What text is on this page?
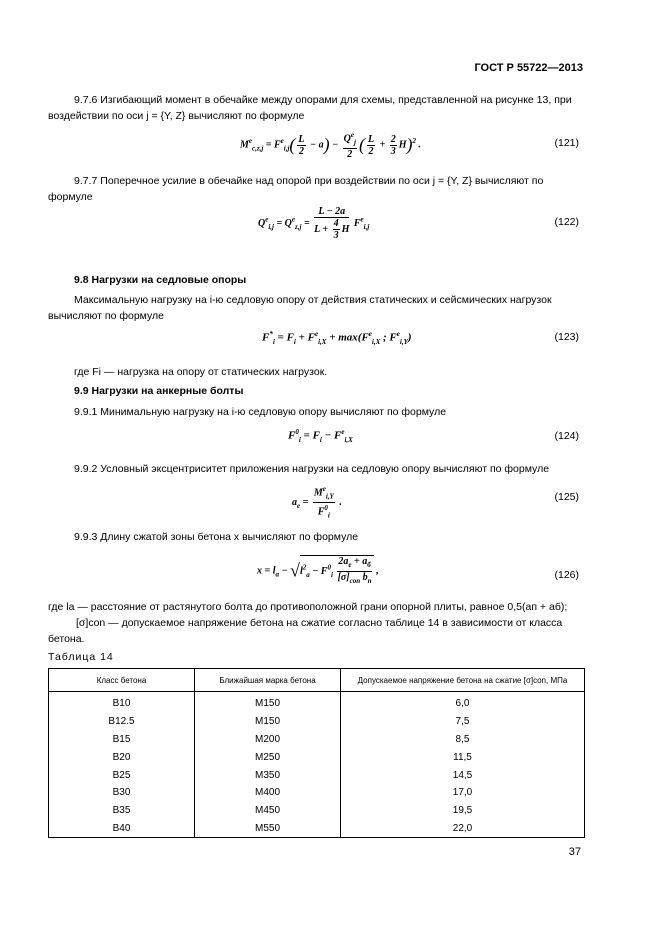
ГОСТ Р 55722—2013
9.7.6 Изгибающий момент в обечайке между опорами для схемы, представленной на рисунке 13, при воздействии по оси j = {Y, Z} вычисляют по формуле
$M^e_{c,z,j} = F^e_{i,j}( \frac{L}{2} - a) - \frac{Q^e_j}{2}$ ( $\frac{L}{2} + \frac{2}{3} H)^2$ .	(121)
9.7.7 Поперечное усилие в обечайке над опорой при воздействии по оси j = {Y, Z} вычисляют по формуле
$Q^e_{i,j} = Q^e_{z,j} = \frac{L - 2a}{L + \frac{4}{3} H} F^e_{i,j}$	(122)
9.8 Нагрузки на седловые опоры
Максимальную нагрузку на i-ю седловую опору от действия статических и сейсмических нагрузок вычисляют по формуле
$F^*_i = F_i + F^e_{i,X} + \max(F^e_{i,X}$ ; $F^e_{i,Y}$)	(123)
где Fi — нагрузка на опору от статических нагрузок.
9.9 Нагрузки на анкерные болты
9.9.1 Минимальную нагрузку на i-ю седловую опору вычисляют по формуле
$F^0_i = F_i - F^e_{i,X}$	(124)
9.9.2 Условный эксцентриситет приложения нагрузки на седловую опору вычисляют по формуле
$a_e = \frac{M^e_{i,Y}}{F^0_i}$ .	(125)
9.9.3 Длину сжатой зоны бетона x вычисляют по формуле
$x = l_a - √l^2_a - F^0_i \frac{2a_e + a_б}{[\sigma]_{con} b_п}$ ,	(126)
где la — расстояние от растянутого болта до противоположной грани опорной плиты, равное 0,5(aп + aб);
[σ]con — допускаемое напряжение бетона на сжатие согласно таблице 14 в зависимости от класса бетона.
Таблица 14
Класс бетона	Ближайшая марка бетона	Допускаемое напряжение бетона на сжатие [σ]con, МПа
B10	M150	6,0
B12.5	M150	7,5
B15	M200	8,5
B20	M250	11,5
B25	M350	14,5
B30	M400	17,0
B35	M450	19,5
B40	M550	22,0
37
